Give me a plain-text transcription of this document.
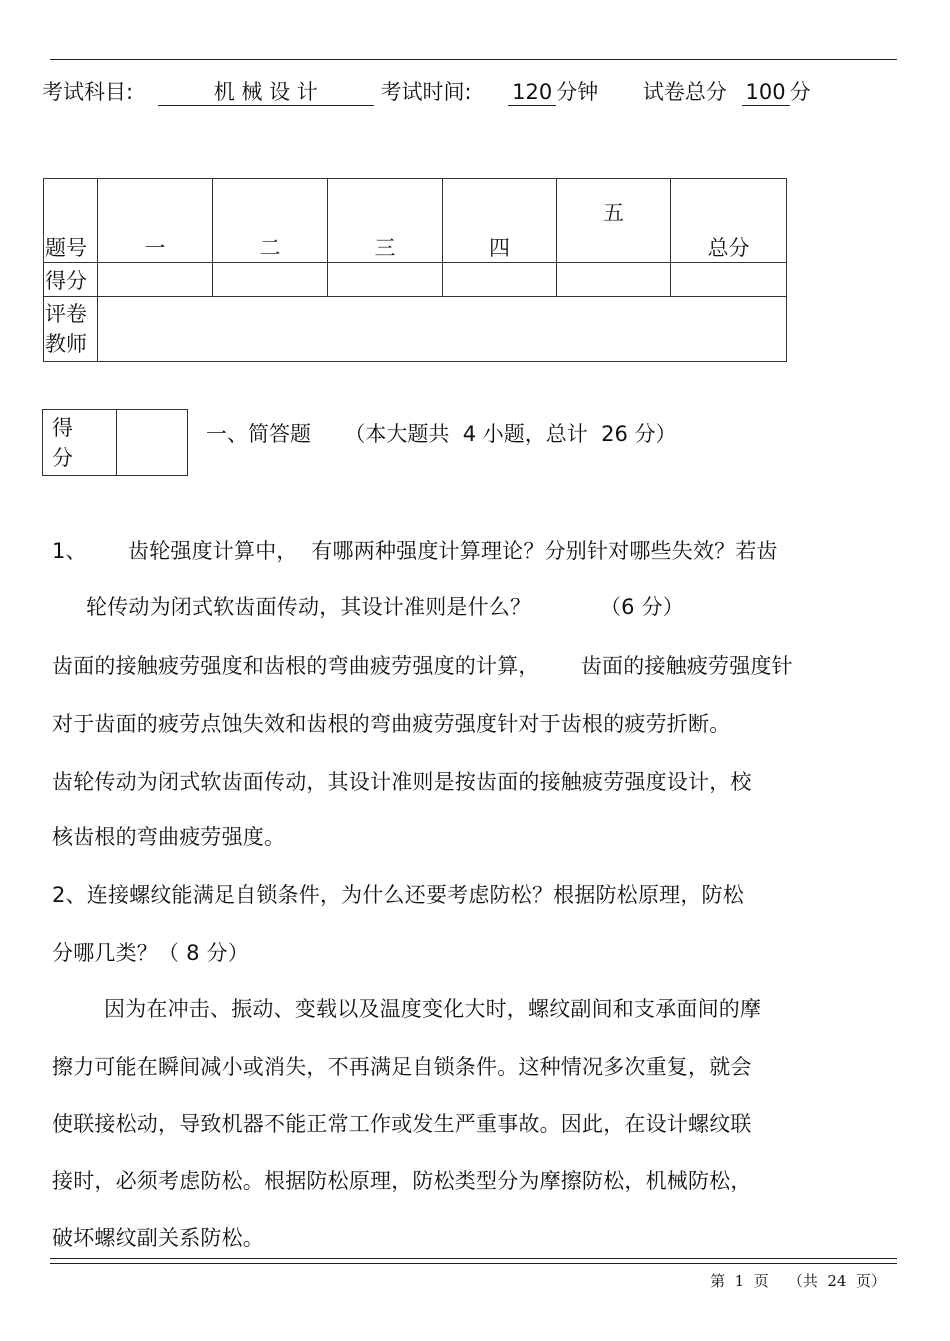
考试科目:	机 械 设 计	考试时间: 120 分钟 试卷总分 100 分
题号	一	二	三	四	五	总分
得分						

评卷
教师						

得
分

一、简答题     （本大题共  4 小题，总计  26 分）
1、      齿轮强度计算中，  有哪两种强度计算理论？分别针对哪些失效？若齿
轮传动为闭式软齿面传动，其设计准则是什么？          （6 分）
齿面的接触疲劳强度和齿根的弯曲疲劳强度的计算，      齿面的接触疲劳强度针
对于齿面的疲劳点蚀失效和齿根的弯曲疲劳强度针对于齿根的疲劳折断。
齿轮传动为闭式软齿面传动，其设计准则是按齿面的接触疲劳强度设计，校
核齿根的弯曲疲劳强度。
2、连接螺纹能满足自锁条件，为什么还要考虑防松？根据防松原理，防松
分哪几类？（ 8 分）
因为在冲击、振动、变载以及温度变化大时，螺纹副间和支承面间的摩
擦力可能在瞬间减小或消失，不再满足自锁条件。这种情况多次重复，就会
使联接松动，导致机器不能正常工作或发生严重事故。因此，在设计螺纹联
接时，必须考虑防松。根据防松原理，防松类型分为摩擦防松，机械防松，
破坏螺纹副关系防松。
第  1  页    （共  24  页）
